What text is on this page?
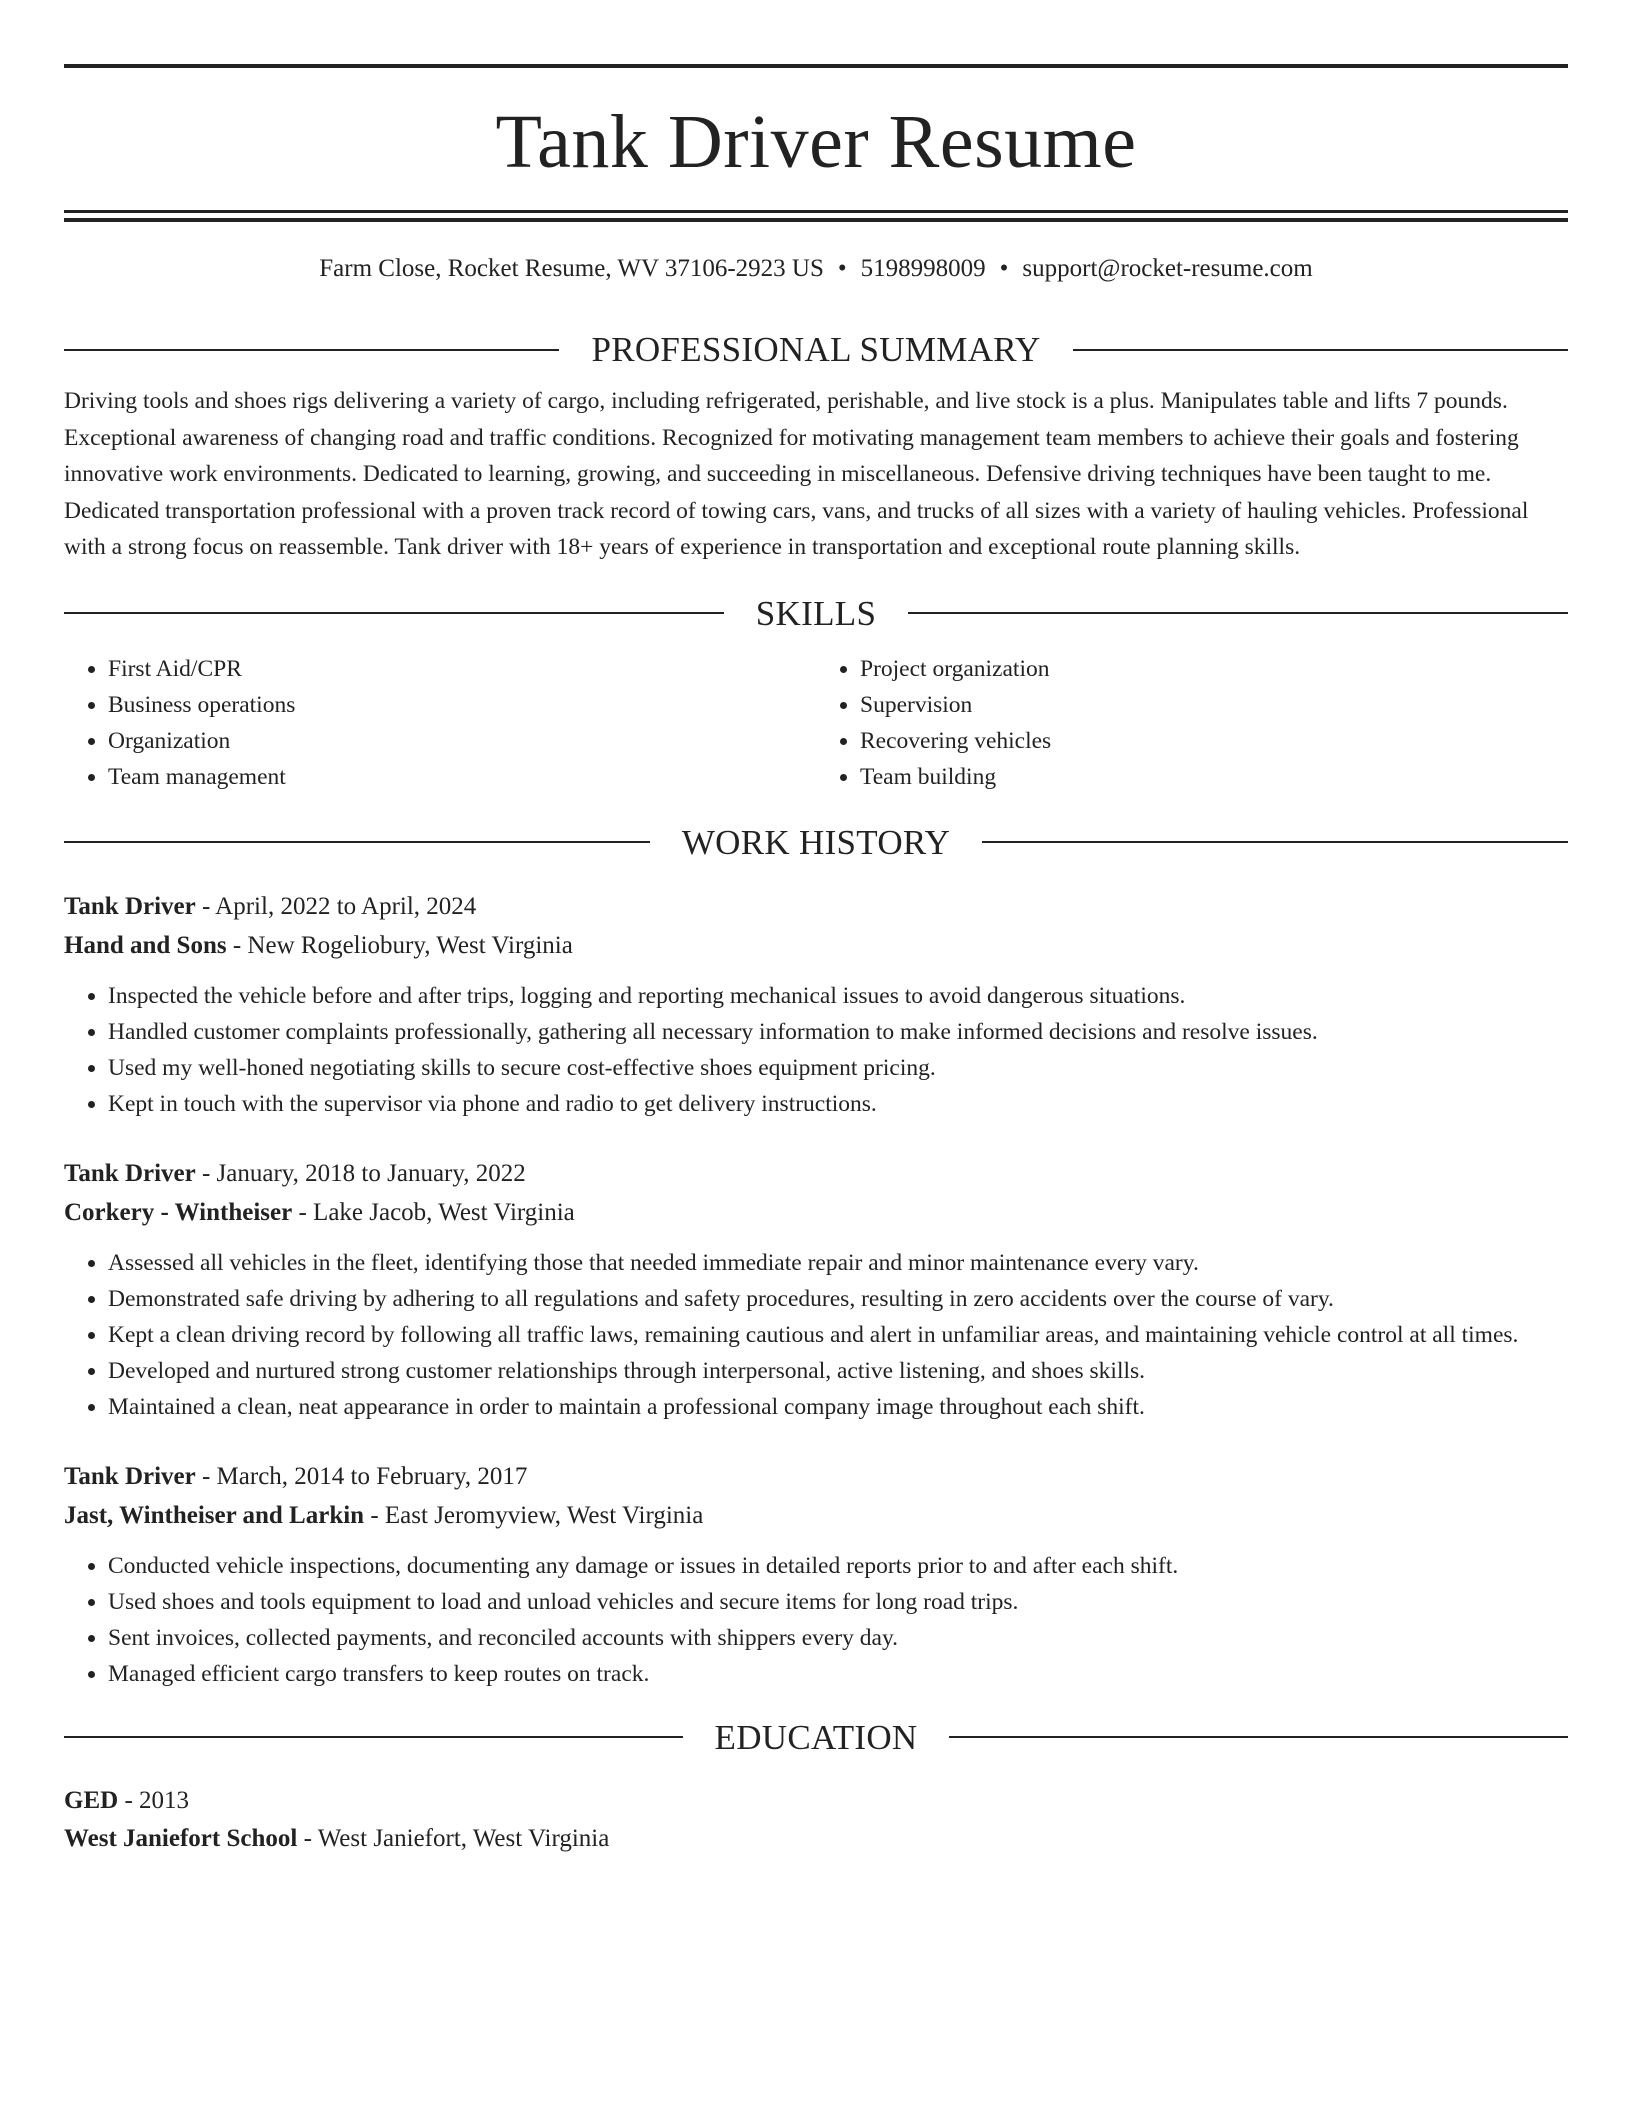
Tank Driver Resume
Farm Close, Rocket Resume, WV 37106-2923 US • 5198998009 • support@rocket-resume.com
PROFESSIONAL SUMMARY

Driving tools and shoes rigs delivering a variety of cargo, including refrigerated, perishable, and live stock is a plus. Manipulates table and lifts 7 pounds. Exceptional awareness of changing road and traffic conditions. Recognized for motivating management team members to achieve their goals and fostering innovative work environments. Dedicated to learning, growing, and succeeding in miscellaneous. Defensive driving techniques have been taught to me. Dedicated transportation professional with a proven track record of towing cars, vans, and trucks of all sizes with a variety of hauling vehicles. Professional with a strong focus on reassemble. Tank driver with 18+ years of experience in transportation and exceptional route planning skills.

SKILLS
• First Aid/CPR
• Business operations
• Organization
• Team management
• Project organization
• Supervision
• Recovering vehicles
• Team building
WORK HISTORY
Tank Driver - April, 2022 to April, 2024
Hand and Sons - New Rogeliobury, West Virginia
• Inspected the vehicle before and after trips, logging and reporting mechanical issues to avoid dangerous situations.
• Handled customer complaints professionally, gathering all necessary information to make informed decisions and resolve issues.
• Used my well-honed negotiating skills to secure cost-effective shoes equipment pricing.
• Kept in touch with the supervisor via phone and radio to get delivery instructions.
Tank Driver - January, 2018 to January, 2022
Corkery - Wintheiser - Lake Jacob, West Virginia
• Assessed all vehicles in the fleet, identifying those that needed immediate repair and minor maintenance every vary.
• Demonstrated safe driving by adhering to all regulations and safety procedures, resulting in zero accidents over the course of vary.
• Kept a clean driving record by following all traffic laws, remaining cautious and alert in unfamiliar areas, and maintaining vehicle control at all times.
• Developed and nurtured strong customer relationships through interpersonal, active listening, and shoes skills.
• Maintained a clean, neat appearance in order to maintain a professional company image throughout each shift.
Tank Driver - March, 2014 to February, 2017
Jast, Wintheiser and Larkin - East Jeromyview, West Virginia
• Conducted vehicle inspections, documenting any damage or issues in detailed reports prior to and after each shift.
• Used shoes and tools equipment to load and unload vehicles and secure items for long road trips.
• Sent invoices, collected payments, and reconciled accounts with shippers every day.
• Managed efficient cargo transfers to keep routes on track.
EDUCATION
GED - 2013
West Janiefort School - West Janiefort, West Virginia
